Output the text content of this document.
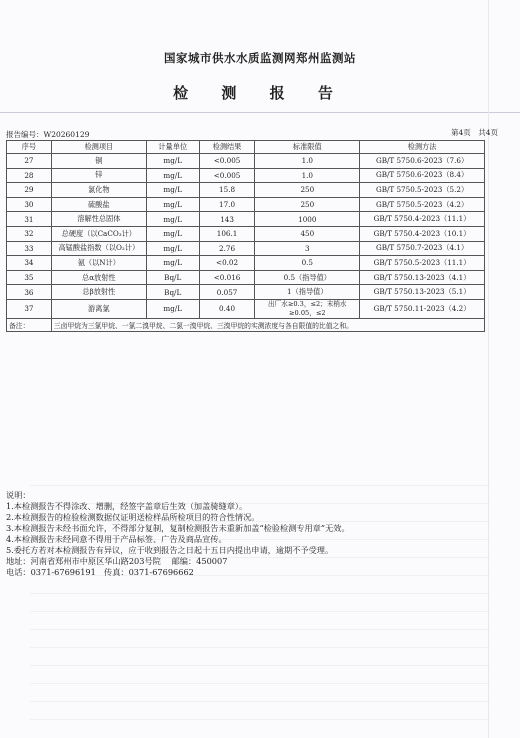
国家城市供水水质监测网郑州监测站
检 测 报 告
报告编号：W20260129	第4页　共4页
序号	检测项目	计量单位	检测结果	标准限值	检测方法
27	铜	mg/L	<0.005	1.0	GB/T 5750.6-2023（7.6）
28	锌	mg/L	<0.005	1.0	GB/T 5750.6-2023（8.4）
29	氯化物	mg/L	15.8	250	GB/T 5750.5-2023（5.2）
30	硫酸盐	mg/L	17.0	250	GB/T 5750.5-2023（4.2）
31	溶解性总固体	mg/L	143	1000	GB/T 5750.4-2023（11.1）
32	总硬度（以CaCO₃计）	mg/L	106.1	450	GB/T 5750.4-2023（10.1）
33	高锰酸盐指数（以O₂计）	mg/L	2.76	3	GB/T 5750.7-2023（4.1）
34	氨（以N计）	mg/L	<0.02	0.5	GB/T 5750.5-2023（11.1）
35	总α放射性	Bq/L	<0.016	0.5（指导值）	GB/T 5750.13-2023（4.1）
36	总β放射性	Bq/L	0.057	1（指导值）	GB/T 5750.13-2023（5.1）
37	游离氯	mg/L	0.40	出厂水≥0.3，≤2；末梢水≥0.05，≤2	GB/T 5750.11-2023（4.2）
备注：	三卤甲烷为三氯甲烷、一氯二溴甲烷、二氯一溴甲烷、三溴甲烷的实测浓度与各自限值的比值之和。				
说明：
1.本检测报告不得涂改、增删，经签字盖章后生效（加盖骑缝章）。
2.本检测报告的检验检测数据仅证明送检样品所检项目的符合性情况。
3.本检测报告未经书面允许，不得部分复制，复制检测报告未重新加盖“检验检测专用章”无效。
4.本检测报告未经同意不得用于产品标签、广告及商品宣传。
5.委托方若对本检测报告有异议，应于收到报告之日起十五日内提出申请，逾期不予受理。
地址：河南省郑州市中原区华山路203号院　 邮编：450007
电话：0371-67696191　传真：0371-67696662
